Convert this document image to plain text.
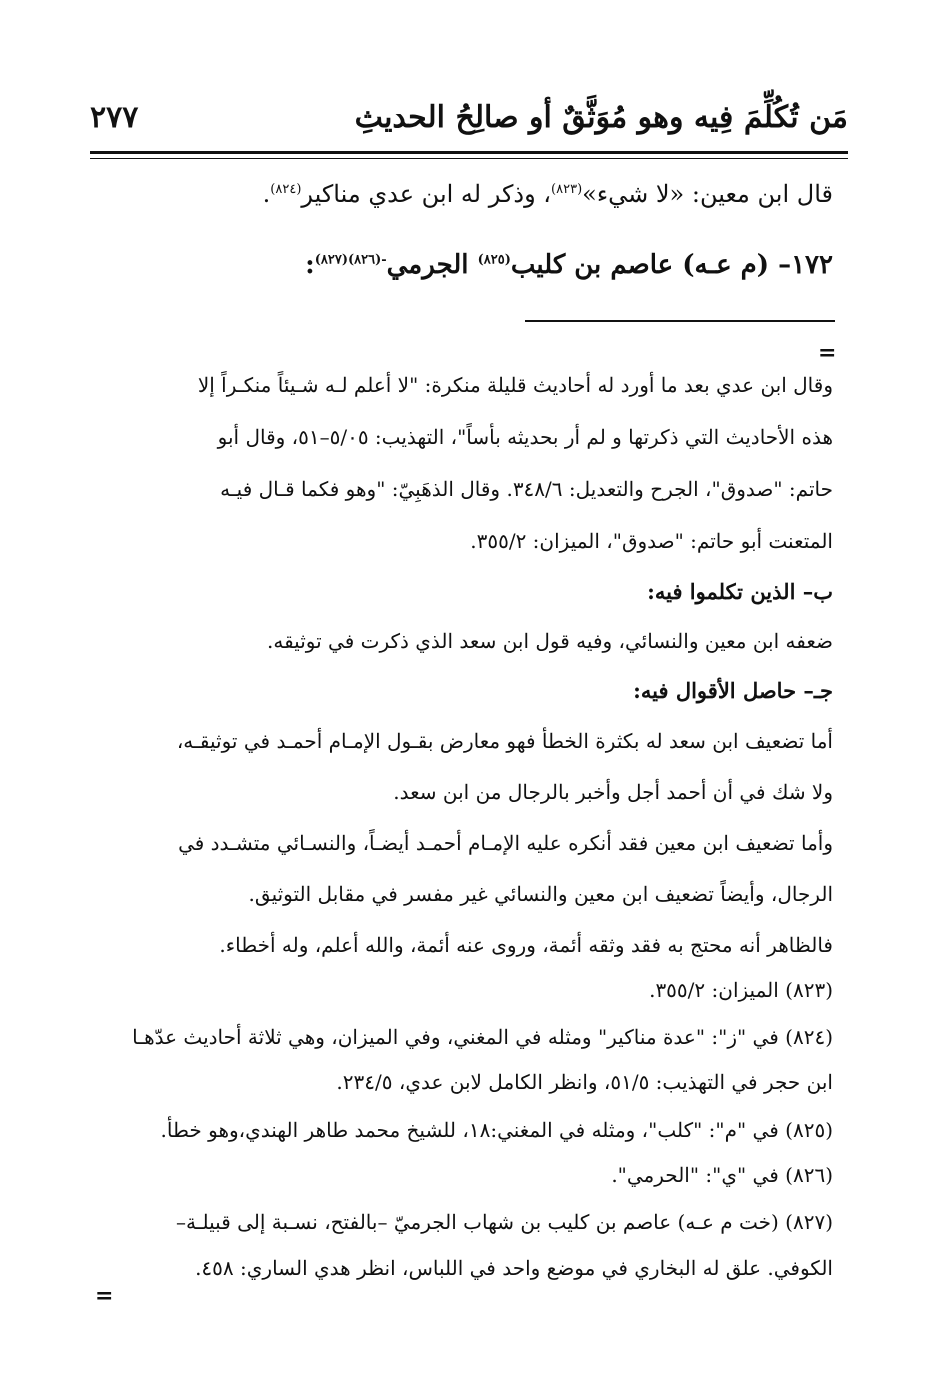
مَن تُكُلِّمَ فِيه وهو مُوَثَّقٌ أو صالِحُ الحديثِ
٢٧٧
قال ابن معين: «لا شيء»$^{(٨٢٣)}$، وذكر له ابن عدي مناكير$^{(٨٢٤)}$.
١٧٢– (م عـه) عاصم بن كليب$^{(٨٢٥)}$ الجرمي$^{-(٨٢٦)(٨٢٧)}$:
=
وقال ابن عدي بعد ما أورد له أحاديث قليلة منكرة: "لا أعلم لـه شـيئاً منكـراً إلا
هذه الأحاديث التي ذكرتها و لم أر بحديثه بأساً"، التهذيب: ٥/٠٥–٥١، وقال أبو
حاتم: "صدوق"، الجرح والتعديل: ٣٤٨/٦. وقال الذهَبِيّ: "وهو فكما قـال فيـه
المتعنت أبو حاتم: "صدوق"، الميزان: ٣٥٥/٢.
ب– الذين تكلموا فيه:
ضعفه ابن معين والنسائي، وفيه قول ابن سعد الذي ذكرت في توثيقه.
جـ– حاصل الأقوال فيه:
أما تضعيف ابن سعد له بكثرة الخطأ فهو معارض بقـول الإمـام أحمـد في توثيقـه،
ولا شك في أن أحمد أجل وأخبر بالرجال من ابن سعد.
وأما تضعيف ابن معين فقد أنكره عليه الإمـام أحمـد أيضـاً، والنسـائي متشـدد في
الرجال، وأيضاً تضعيف ابن معين والنسائي غير مفسر في مقابل التوثيق.
فالظاهر أنه محتج به فقد وثقه أئمة، وروى عنه أئمة، والله أعلم، وله أخطاء.
(٨٢٣) الميزان: ٣٥٥/٢.
(٨٢٤) في "ز": "عدة مناكير" ومثله في المغني، وفي الميزان، وهي ثلاثة أحاديث عدّهـا
ابن حجر في التهذيب: ٥١/٥، وانظر الكامل لابن عدي، ٢٣٤/٥.
(٨٢٥) في "م": "كلب"، ومثله في المغني:١٨، للشيخ محمد طاهر الهندي،وهو خطأ.
(٨٢٦) في "ي": "الحرمي".
(٨٢٧) (خت م عـه) عاصم بن كليب بن شهاب الجرميّ –بالفتح، نسـبة إلى قبيلـة–
الكوفي. علق له البخاري في موضع واحد في اللباس، انظر هدي الساري: ٤٥٨.
=
